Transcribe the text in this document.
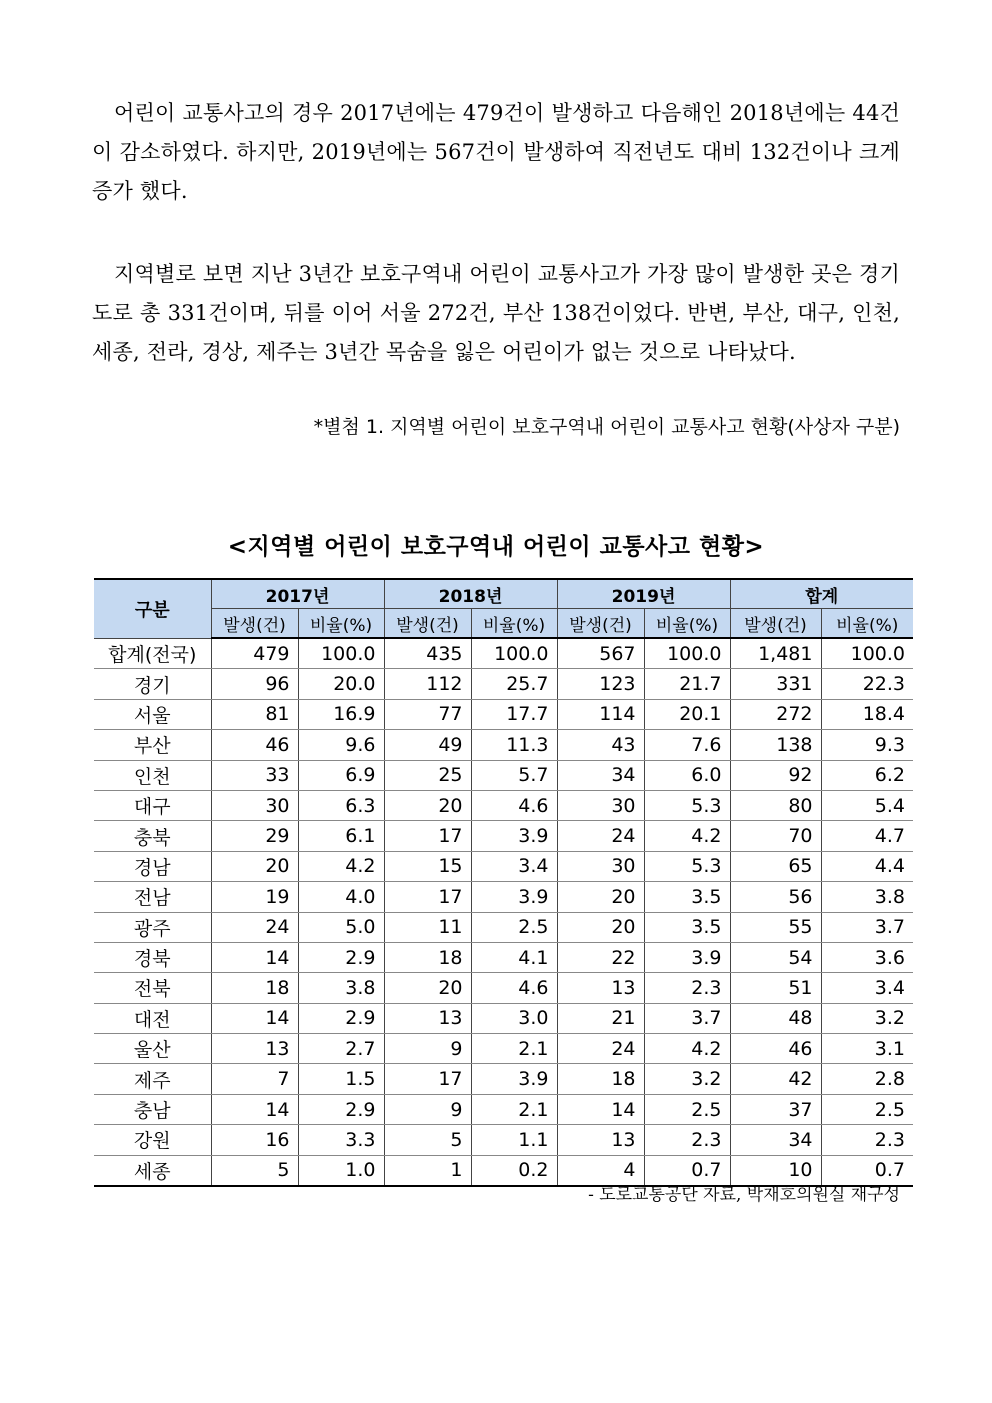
어린이 교통사고의 경우 2017년에는 479건이 발생하고 다음해인 2018년에는 44건이 감소하였다. 하지만, 2019년에는 567건이 발생하여 직전년도 대비 132건이나 크게 증가 했다.

지역별로 보면 지난 3년간 보호구역내 어린이 교통사고가 가장 많이 발생한 곳은 경기도로 총 331건이며, 뒤를 이어 서울 272건, 부산 138건이었다. 반변, 부산, 대구, 인천, 세종, 전라, 경상, 제주는 3년간 목숨을 잃은 어린이가 없는 것으로 나타났다.

*별첨 1. 지역별 어린이 보호구역내 어린이 교통사고 현황(사상자 구분)
<지역별 어린이 보호구역내 어린이 교통사고 현황>
구분	2017년		2018년		2019년		합계	
	발생(건)	비율(%)	발생(건)	비율(%)	발생(건)	비율(%)	발생(건)	비율(%)
합계(전국)	479	100.0	435	100.0	567	100.0	1,481	100.0
경기	96	20.0	112	25.7	123	21.7	331	22.3
서울	81	16.9	77	17.7	114	20.1	272	18.4
부산	46	9.6	49	11.3	43	7.6	138	9.3
인천	33	6.9	25	5.7	34	6.0	92	6.2
대구	30	6.3	20	4.6	30	5.3	80	5.4
충북	29	6.1	17	3.9	24	4.2	70	4.7
경남	20	4.2	15	3.4	30	5.3	65	4.4
전남	19	4.0	17	3.9	20	3.5	56	3.8
광주	24	5.0	11	2.5	20	3.5	55	3.7
경북	14	2.9	18	4.1	22	3.9	54	3.6
전북	18	3.8	20	4.6	13	2.3	51	3.4
대전	14	2.9	13	3.0	21	3.7	48	3.2
울산	13	2.7	9	2.1	24	4.2	46	3.1
제주	7	1.5	17	3.9	18	3.2	42	2.8
충남	14	2.9	9	2.1	14	2.5	37	2.5
강원	16	3.3	5	1.1	13	2.3	34	2.3
세종	5	1.0	1	0.2	4	0.7	10	0.7
- 도로교통공단 자료, 박재호의원실 재구성
